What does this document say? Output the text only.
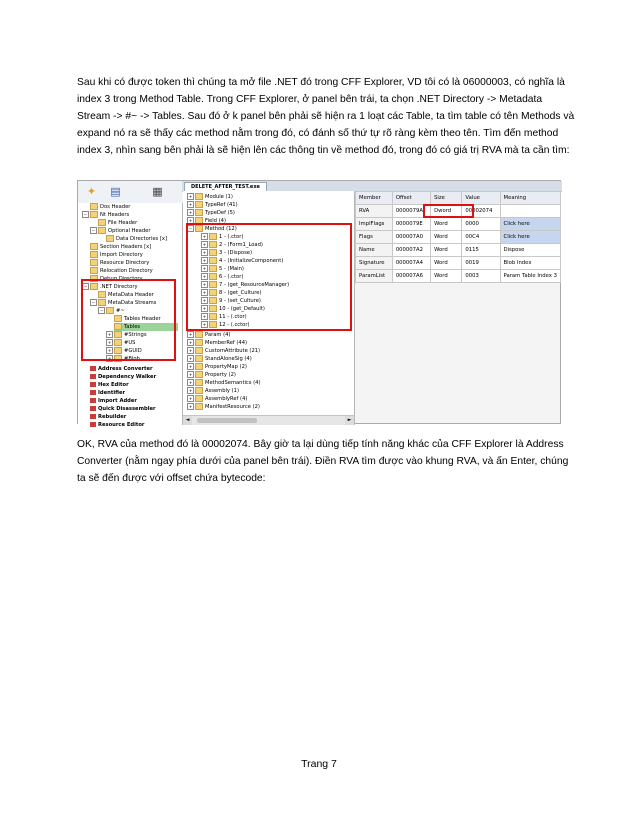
Sau khi có được token thì chúng ta mở file .NET đó trong CFF Explorer, VD tôi có là 06000003, có nghĩa là index 3 trong Method Table. Trong CFF Explorer, ở panel bên trái, ta chọn .NET Directory -> Metadata Stream -> #~ -> Tables. Sau đó ở k panel bên phải sẽ hiện ra 1 loạt các Table, ta tìm table có tên Methods và expand nó ra sẽ thấy các method nằm trong đó, có đánh số thứ tự rõ ràng kèm theo tên. Tìm đến method index 3, nhìn sang bên phải là sẽ hiện lên các thông tin về method đó, trong đó có giá trị RVA mà ta cần tìm:

✦ ▤	▦	DELETE_AFTER_TEST.exe
Dos Header
− Nt Headers
File Header
− Optional Header
Data Directories [x]
Section Headers [x]
Import Directory
Resource Directory
Relocation Directory
Debug Directory
− .NET Directory
MetaData Header
− MetaData Streams
− #~
Tables Header
Tables
+ #Strings
+ #US
+ #GUID
+ #Blob
Address Converter
Dependency Walker
Hex Editor
Identifier
Import Adder
Quick Disassembler
Rebuilder
Resource Editor
+ Module (1)
+ TypeRef (41)
+ TypeDef (5)
+ Field (4)
− Method (12)
+ 1 - (.ctor)
+ 2 - (Form1_Load)
+ 3 - (Dispose)
+ 4 - (InitializeComponent)
+ 5 - (Main)
+ 6 - (.ctor)
+ 7 - (get_ResourceManager)
+ 8 - (get_Culture)
+ 9 - (set_Culture)
+ 10 - (get_Default)
+ 11 - (.ctor)
+ 12 - (.cctor)
+ Param (4)
+ MemberRef (44)
+ CustomAttribute (21)
+ StandAloneSig (4)
+ PropertyMap (2)
+ Property (2)
+ MethodSemantics (4)
+ Assembly (1)
+ AssemblyRef (4)
+ ManifestResource (2)
◄	►
Member	Offset	Size	Value	Meaning
RVA	0000079A	Dword	00002074	
ImplFlags	0000079E	Word	0000	Click here
Flags	000007A0	Word	00C4	Click here
Name	000007A2	Word	0115	Dispose
Signature	000007A4	Word	0019	Blob Index
ParamList	000007A6	Word	0003	Param Table Index 3

OK, RVA của method đó là 00002074. Bây giờ ta lại dùng tiếp tính năng khác của CFF Explorer là Address Converter (nằm ngay phía dưới của panel bên trái). Điền RVA tìm được vào khung RVA, và ấn Enter, chúng ta sẽ đến được với offset chứa bytecode:

Trang 7
